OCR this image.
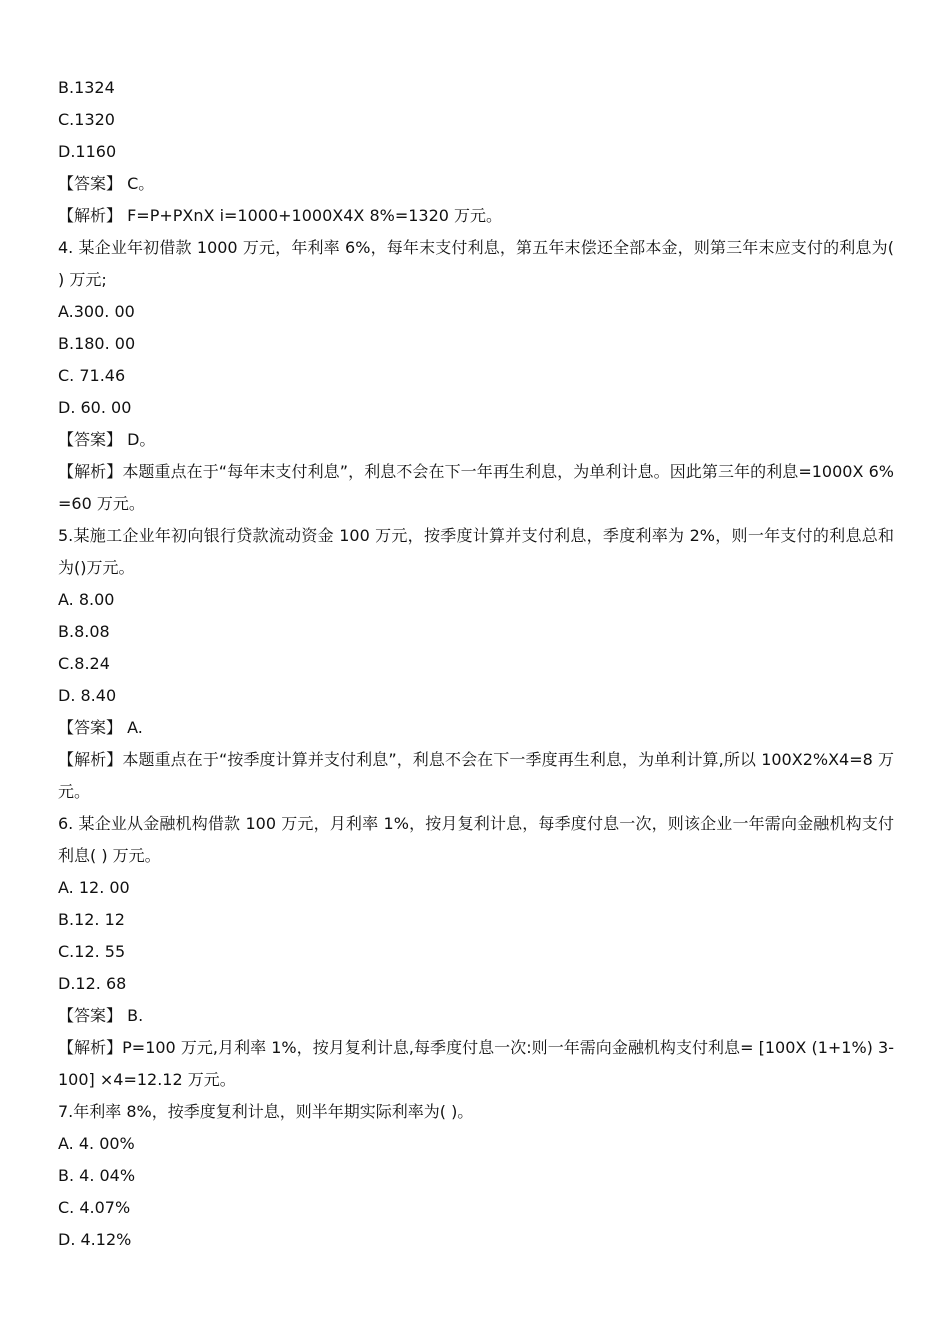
B.1324
C.1320
D.1160
【答案】 C。
【解析】 F=P+PXnX i=1000+1000X4X 8%=1320 万元。
4. 某企业年初借款 1000 万元，年利率 6%，每年末支付利息，第五年末偿还全部本金，则第三年末应支付的利息为( ) 万元;
A.300. 00
B.180. 00
C. 71.46
D. 60. 00
【答案】 D。
【解析】本题重点在于“每年末支付利息”，利息不会在下一年再生利息，为单利计息。因此第三年的利息=1000X 6%=60 万元。
5.某施工企业年初向银行贷款流动资金 100 万元，按季度计算并支付利息，季度利率为 2%，则一年支付的利息总和为()万元。
A. 8.00
B.8.08
C.8.24
D. 8.40
【答案】 A.
【解析】本题重点在于“按季度计算并支付利息”，利息不会在下一季度再生利息，为单利计算,所以 100X2%X4=8 万元。
6. 某企业从金融机构借款 100 万元，月利率 1%，按月复利计息，每季度付息一次，则该企业一年需向金融机构支付利息( ) 万元。
A. 12. 00
B.12. 12
C.12. 55
D.12. 68
【答案】 B.
【解析】P=100 万元,月利率 1%，按月复利计息,每季度付息一次:则一年需向金融机构支付利息= [100X (1+1%) 3-100] ×4=12.12 万元。
7.年利率 8%，按季度复利计息，则半年期实际利率为( )。
A. 4. 00%
B. 4. 04%
C. 4.07%
D. 4.12%
